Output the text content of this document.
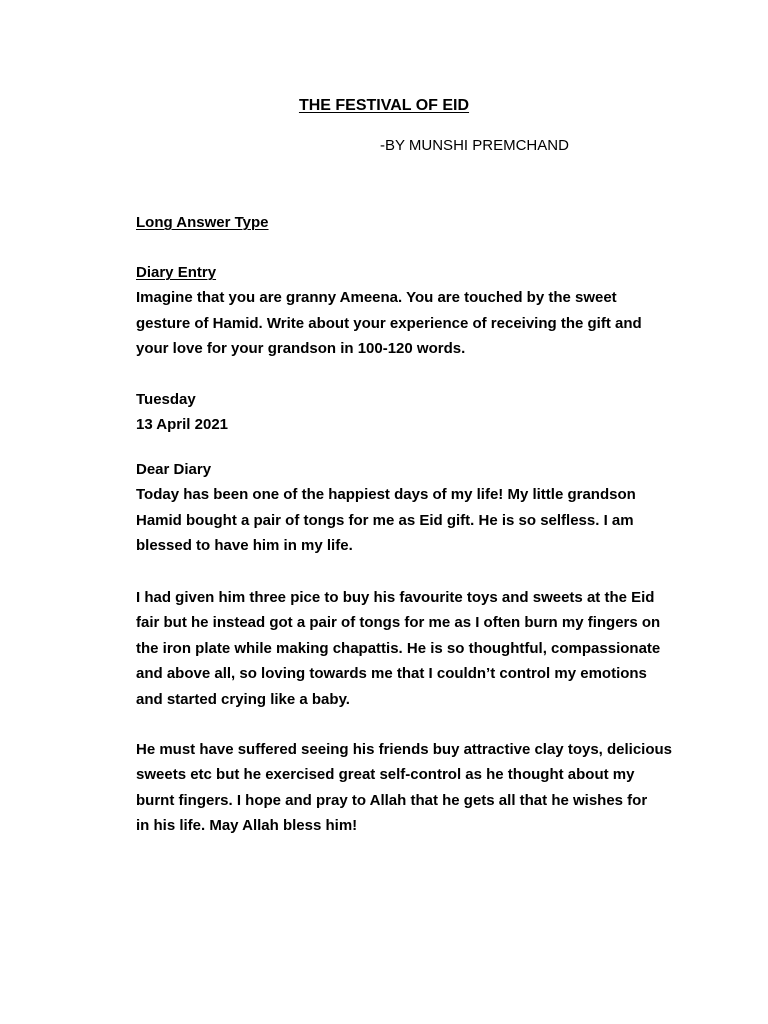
THE FESTIVAL OF EID
-BY MUNSHI PREMCHAND
Long Answer Type
Diary Entry
Imagine that you are granny Ameena. You are touched by the sweet
gesture of Hamid. Write about your experience of receiving the gift and
your love for your grandson in 100-120 words.
Tuesday
13 April 2021
Dear Diary
Today has been one of the happiest days of my life! My little grandson
Hamid bought a pair of tongs for me as Eid gift. He is so selfless. I am
blessed to have him in my life.
I had given him three pice to buy his favourite toys and sweets at the Eid
fair but he instead got a pair of tongs for me as I often burn my fingers on
the iron plate while making chapattis. He is so thoughtful, compassionate
and above all, so loving towards me that I couldn’t control my emotions
and started crying like a baby.
He must have suffered seeing his friends buy attractive clay toys, delicious
sweets etc but he exercised great self-control as he thought about my
burnt fingers. I hope and pray to Allah that he gets all that he wishes for
in his life. May Allah bless him!
